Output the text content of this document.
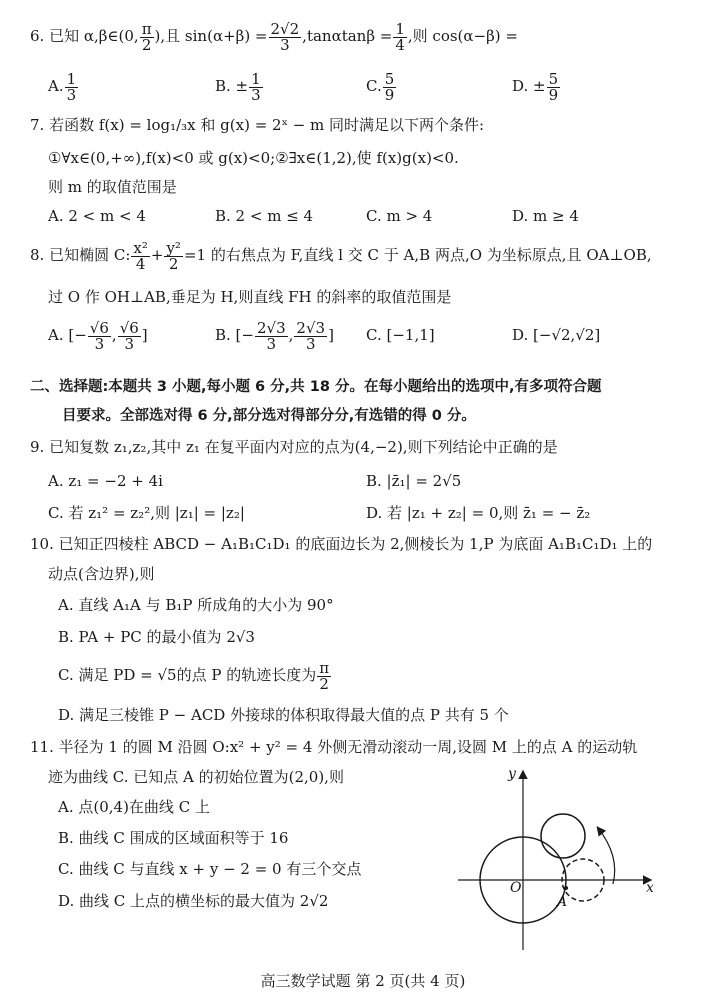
6. 已知 α,β∈(0, $\frac{\pi}{2}$ ),且 $\sin(\alpha+\beta) = \frac{2√2}{3} ,\tan\alpha\tan\beta = \frac{1}{4}$ ,则 cos(α−β) =
A. $\frac{1}{3}$	B. ± $\frac{1}{3}$	C. $\frac{5}{9}$	D. ± $\frac{5}{9}$
7. 若函数 f(x) = log₁/₃x 和 g(x) = 2ˣ − m 同时满足以下两个条件:
①∀x∈(0,+∞),f(x)<0 或 g(x)<0;②∃x∈(1,2),使 f(x)g(x)<0.
则 m 的取值范围是
A. 2 < m < 4	B. 2 < m ≤ 4	C. m > 4	D. m ≥ 4
8. 已知椭圆 C: $\frac{\text{x²}}{4} + \frac{\text{y²}}{2} =1$ 的右焦点为 F,直线 l 交 C 于 A,B 两点,O 为坐标原点,且 OA⊥OB,
过 O 作 OH⊥AB,垂足为 H,则直线 FH 的斜率的取值范围是
A. [− $\frac{√6}{3}$ , $\frac{√6}{3}$ ]	B. [− $\frac{2√3}{3}$ , $\frac{2√3}{3}$ ] C. [−1,1]	D. [−√2,√2]
二、选择题:本题共 3 小题,每小题 6 分,共 18 分。在每小题给出的选项中,有多项符合题
目要求。全部选对得 6 分,部分选对得部分分,有选错的得 0 分。
9. 已知复数 z₁,z₂,其中 z₁ 在复平面内对应的点为(4,−2),则下列结论中正确的是
A. z₁ = −2 + 4i	B. |z̄₁| = 2√5
C. 若 z₁² = z₂²,则 |z₁| = |z₂|	D. 若 |z₁ + z₂| = 0,则 z̄₁ = − z̄₂
10. 已知正四棱柱 ABCD − A₁B₁C₁D₁ 的底面边长为 2,侧棱长为 1,P 为底面 A₁B₁C₁D₁ 上的
动点(含边界),则
A. 直线 A₁A 与 B₁P 所成角的大小为 90°
B. PA + PC 的最小值为 2√3
C. 满足 PD = √5的点 P 的轨迹长度为 $\frac{\pi}{2}$
D. 满足三棱锥 P − ACD 外接球的体积取得最大值的点 P 共有 5 个
11. 半径为 1 的圆 M 沿圆 O:x² + y² = 4 外侧无滑动滚动一周,设圆 M 上的点 A 的运动轨
迹为曲线 C. 已知点 A 的初始位置为(2,0),则
A. 点(0,4)在曲线 C 上
B. 曲线 C 围成的区域面积等于 16
C. 曲线 C 与直线 x + y − 2 = 0 有三个交点
D. 曲线 C 上点的横坐标的最大值为 2√2
y
x
O
A
高三数学试题 第 2 页(共 4 页)
